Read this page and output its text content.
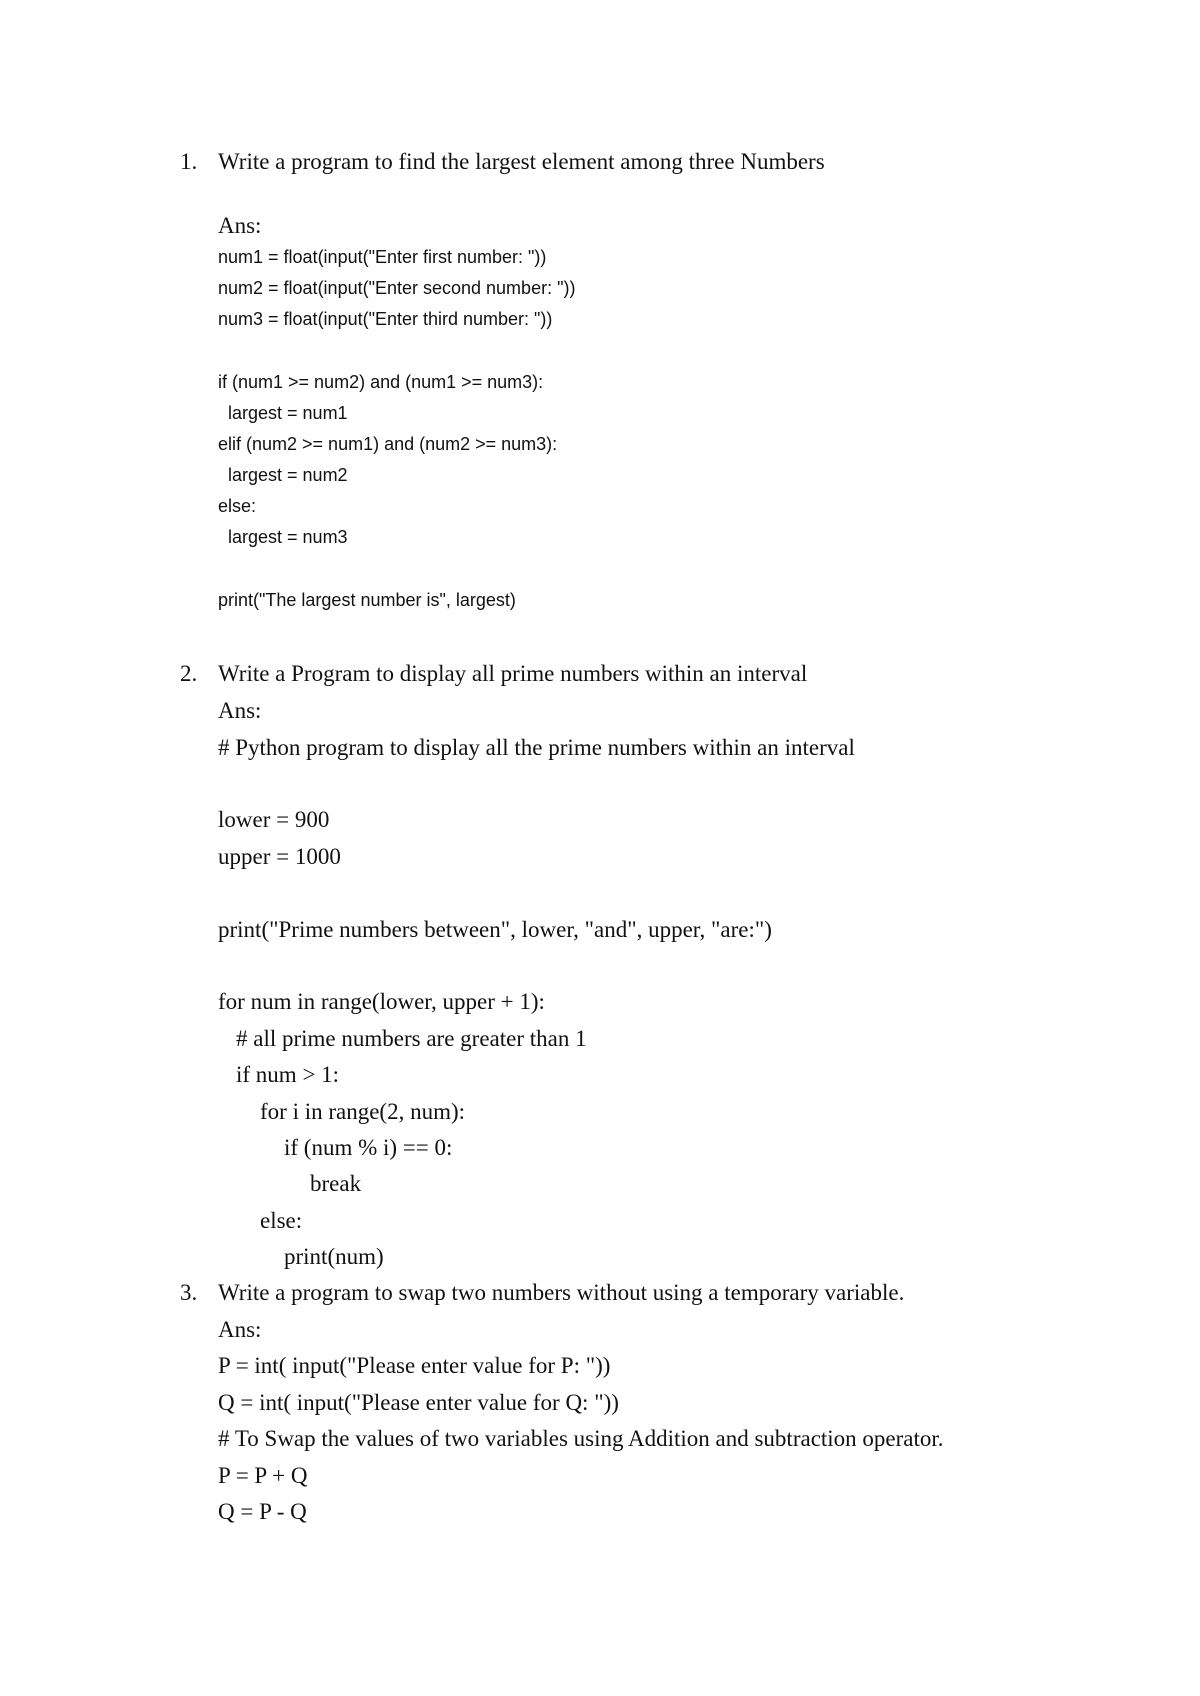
1. Write a program to find the largest element among three Numbers
Ans:
num1 = float(input("Enter first number: "))
num2 = float(input("Enter second number: "))
num3 = float(input("Enter third number: "))
if (num1 >= num2) and (num1 >= num3):
largest = num1
elif (num2 >= num1) and (num2 >= num3):
largest = num2
else:
largest = num3
print("The largest number is", largest)
2. Write a Program to display all prime numbers within an interval
Ans:
# Python program to display all the prime numbers within an interval
lower = 900
upper = 1000
print("Prime numbers between", lower, "and", upper, "are:")
for num in range(lower, upper + 1):
# all prime numbers are greater than 1
if num > 1:
for i in range(2, num):
if (num % i) == 0:
break
else:
print(num)
3. Write a program to swap two numbers without using a temporary variable.
Ans:
P = int( input("Please enter value for P: "))
Q = int( input("Please enter value for Q: "))
# To Swap the values of two variables using Addition and subtraction operator.
P = P + Q
Q = P - Q
